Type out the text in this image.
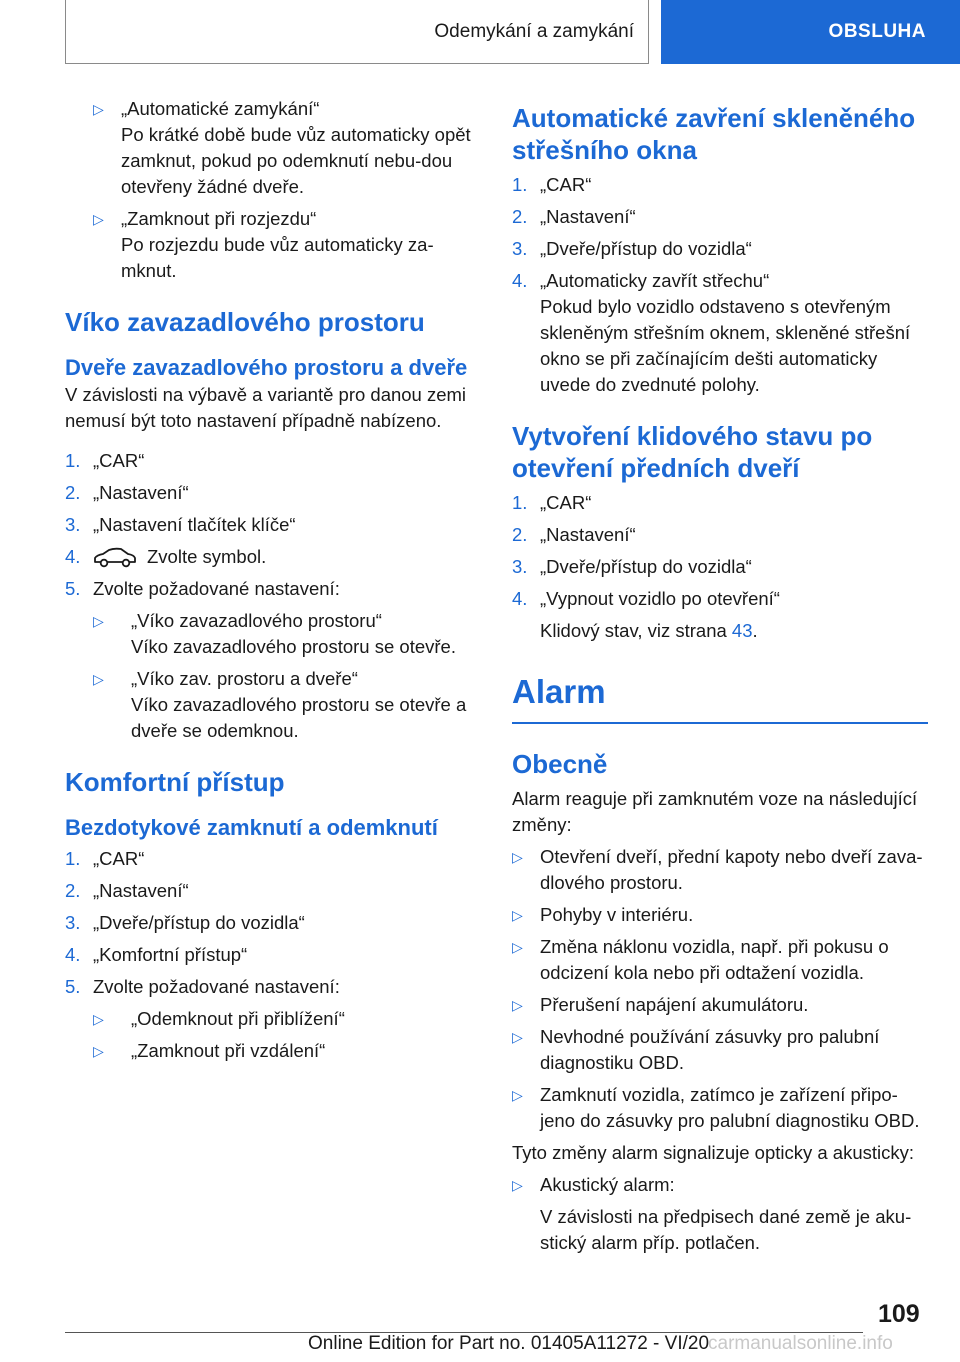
Odemykání a zamykání	OBSLUHA
▷ „Automatické zamykání“
Po krátké době bude vůz automaticky opět zamknut, pokud po odemknutí nebu-dou otevřeny žádné dveře.
▷ „Zamknout při rozjezdu“
Po rozjezdu bude vůz automaticky za-mknut.
Víko zavazadlového prostoru
Dveře zavazadlového prostoru a dveře
V závislosti na výbavě a variantě pro danou zemi nemusí být toto nastavení případně nabízeno.
1. „CAR“
2. „Nastavení“
3. „Nastavení tlačítek klíče“
4.	Zvolte symbol.
5. Zvolte požadované nastavení:
▷ „Víko zavazadlového prostoru“
Víko zavazadlového prostoru se otevře.
▷ „Víko zav. prostoru a dveře“
Víko zavazadlového prostoru se otevře a dveře se odemknou.
Komfortní přístup
Bezdotykové zamknutí a odemknutí
1. „CAR“
2. „Nastavení“
3. „Dveře/přístup do vozidla“
4. „Komfortní přístup“
5. Zvolte požadované nastavení:
▷ „Odemknout při přiblížení“
▷ „Zamknout při vzdálení“
Automatické zavření skleněného střešního okna
1. „CAR“
2. „Nastavení“
3. „Dveře/přístup do vozidla“
4. „Automaticky zavřít střechu“
Pokud bylo vozidlo odstaveno s otevřeným skleněným střešním oknem, skleněné střešní okno se při začínajícím dešti automaticky uvede do zvednuté polohy.
Vytvoření klidového stavu po otevření předních dveří
1. „CAR“
2. „Nastavení“
3. „Dveře/přístup do vozidla“
4. „Vypnout vozidlo po otevření“
Klidový stav, viz strana 43.
Alarm
Obecně
Alarm reaguje při zamknutém voze na následující změny:
▷ Otevření dveří, přední kapoty nebo dveří zava-dlového prostoru.
▷ Pohyby v interiéru.
▷ Změna náklonu vozidla, např. při pokusu o odcizení kola nebo při odtažení vozidla.
▷ Přerušení napájení akumulátoru.
▷ Nevhodné používání zásuvky pro palubní diagnostiku OBD.
▷ Zamknutí vozidla, zatímco je zařízení připo-jeno do zásuvky pro palubní diagnostiku OBD.
Tyto změny alarm signalizuje opticky a akusticky:
▷ Akustický alarm:
V závislosti na předpisech dané země je aku-stický alarm příp. potlačen.
109
Online Edition for Part no. 01405A11272 - VI/20
carmanualsonline.info
